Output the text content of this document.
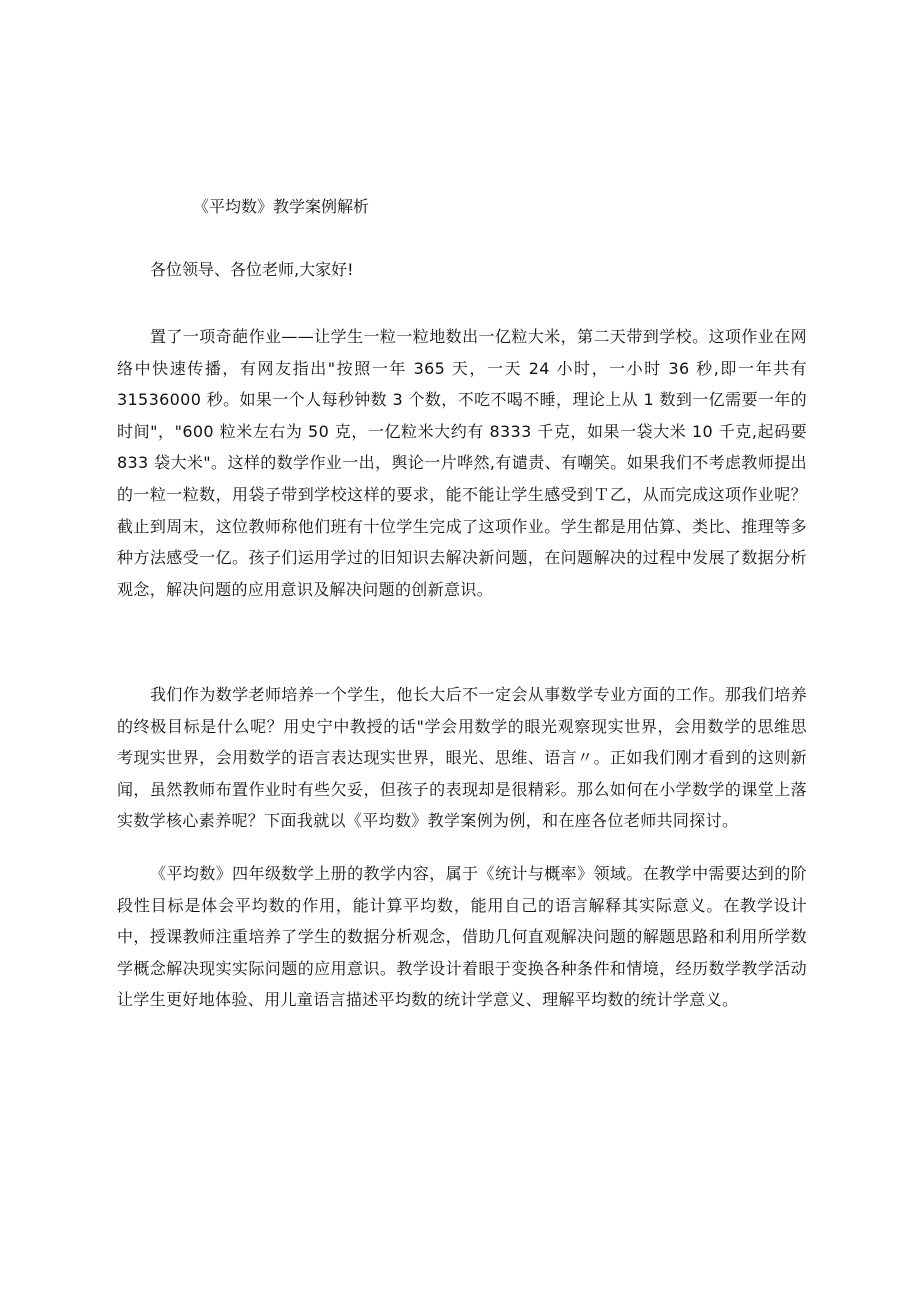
《平均数》教学案例解析
各位领导、各位老师,大家好!

置了一项奇葩作业——让学生一粒一粒地数出一亿粒大米，第二天带到学校。这项作业在网络中快速传播，有网友指出"按照一年 365 天，一天 24 小时，一小时 36 秒,即一年共有 31536000 秒。如果一个人每秒钟数 3 个数，不吃不喝不睡，理论上从 1 数到一亿需要一年的时间"，"600 粒米左右为 50 克，一亿粒米大约有 8333 千克，如果一袋大米 10 千克,起码要 833 袋大米"。这样的数学作业一出，舆论一片哗然,有谴责、有嘲笑。如果我们不考虑教师提出的一粒一粒数，用袋子带到学校这样的要求，能不能让学生感受到Ｔ乙，从而完成这项作业呢？截止到周末，这位教师称他们班有十位学生完成了这项作业。学生都是用估算、类比、推理等多种方法感受一亿。孩子们运用学过的旧知识去解决新问题，在问题解决的过程中发展了数据分析观念，解决问题的应用意识及解决问题的创新意识。

我们作为数学老师培养一个学生，他长大后不一定会从事数学专业方面的工作。那我们培养的终极目标是什么呢？用史宁中教授的话"学会用数学的眼光观察现实世界，会用数学的思维思考现实世界，会用数学的语言表达现实世界，眼光、思维、语言〃。正如我们刚才看到的这则新闻，虽然教师布置作业时有些欠妥，但孩子的表现却是很精彩。那么如何在小学数学的课堂上落实数学核心素养呢？下面我就以《平均数》教学案例为例，和在座各位老师共同探讨。

《平均数》四年级数学上册的教学内容，属于《统计与概率》领域。在教学中需要达到的阶段性目标是体会平均数的作用，能计算平均数，能用自己的语言解释其实际意义。在教学设计中，授课教师注重培养了学生的数据分析观念，借助几何直观解决问题的解题思路和利用所学数学概念解决现实实际问题的应用意识。教学设计着眼于变换各种条件和情境，经历数学教学活动让学生更好地体验、用儿童语言描述平均数的统计学意义、理解平均数的统计学意义。
